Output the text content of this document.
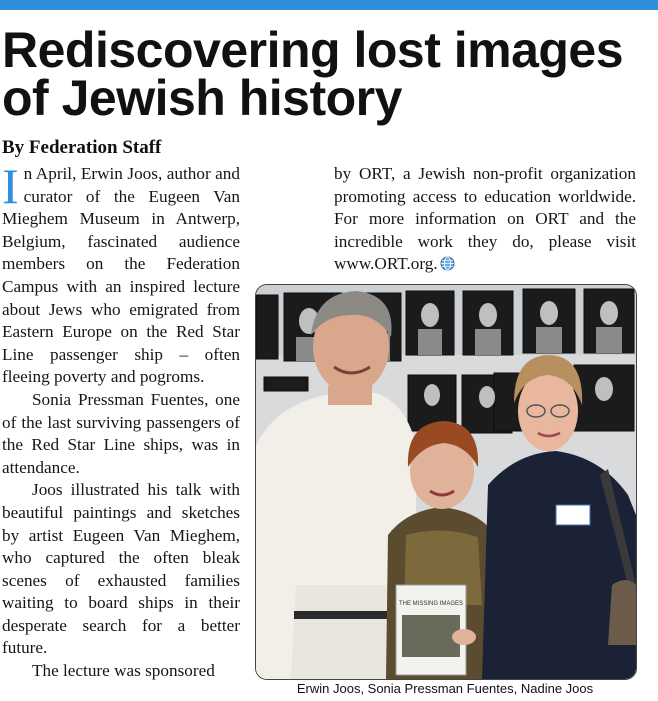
Rediscovering lost images of Jewish history
By Federation Staff

In April, Erwin Joos, author and curator of the Eugeen Van Mieghem Museum in Antwerp, Belgium, fascinated audience members on the Federation Campus with an inspired lecture about Jews who emigrated from Eastern Europe on the Red Star Line passenger ship – often fleeing poverty and pogroms.

Sonia Pressman Fuentes, one of the last surviving passengers of the Red Star Line ships, was in attendance.

Joos illustrated his talk with beautiful paintings and sketches by artist Eugeen Van Mieghem, who captured the often bleak scenes of exhausted families waiting to board ships in their desperate search for a better future.

The lecture was sponsored

by ORT, a Jewish non-profit organization promoting access to education worldwide. For more information on ORT and the incredible work they do, please visit www.ORT.org.

THE MISSING IMAGES
Erwin Joos, Sonia Pressman Fuentes, Nadine Joos
